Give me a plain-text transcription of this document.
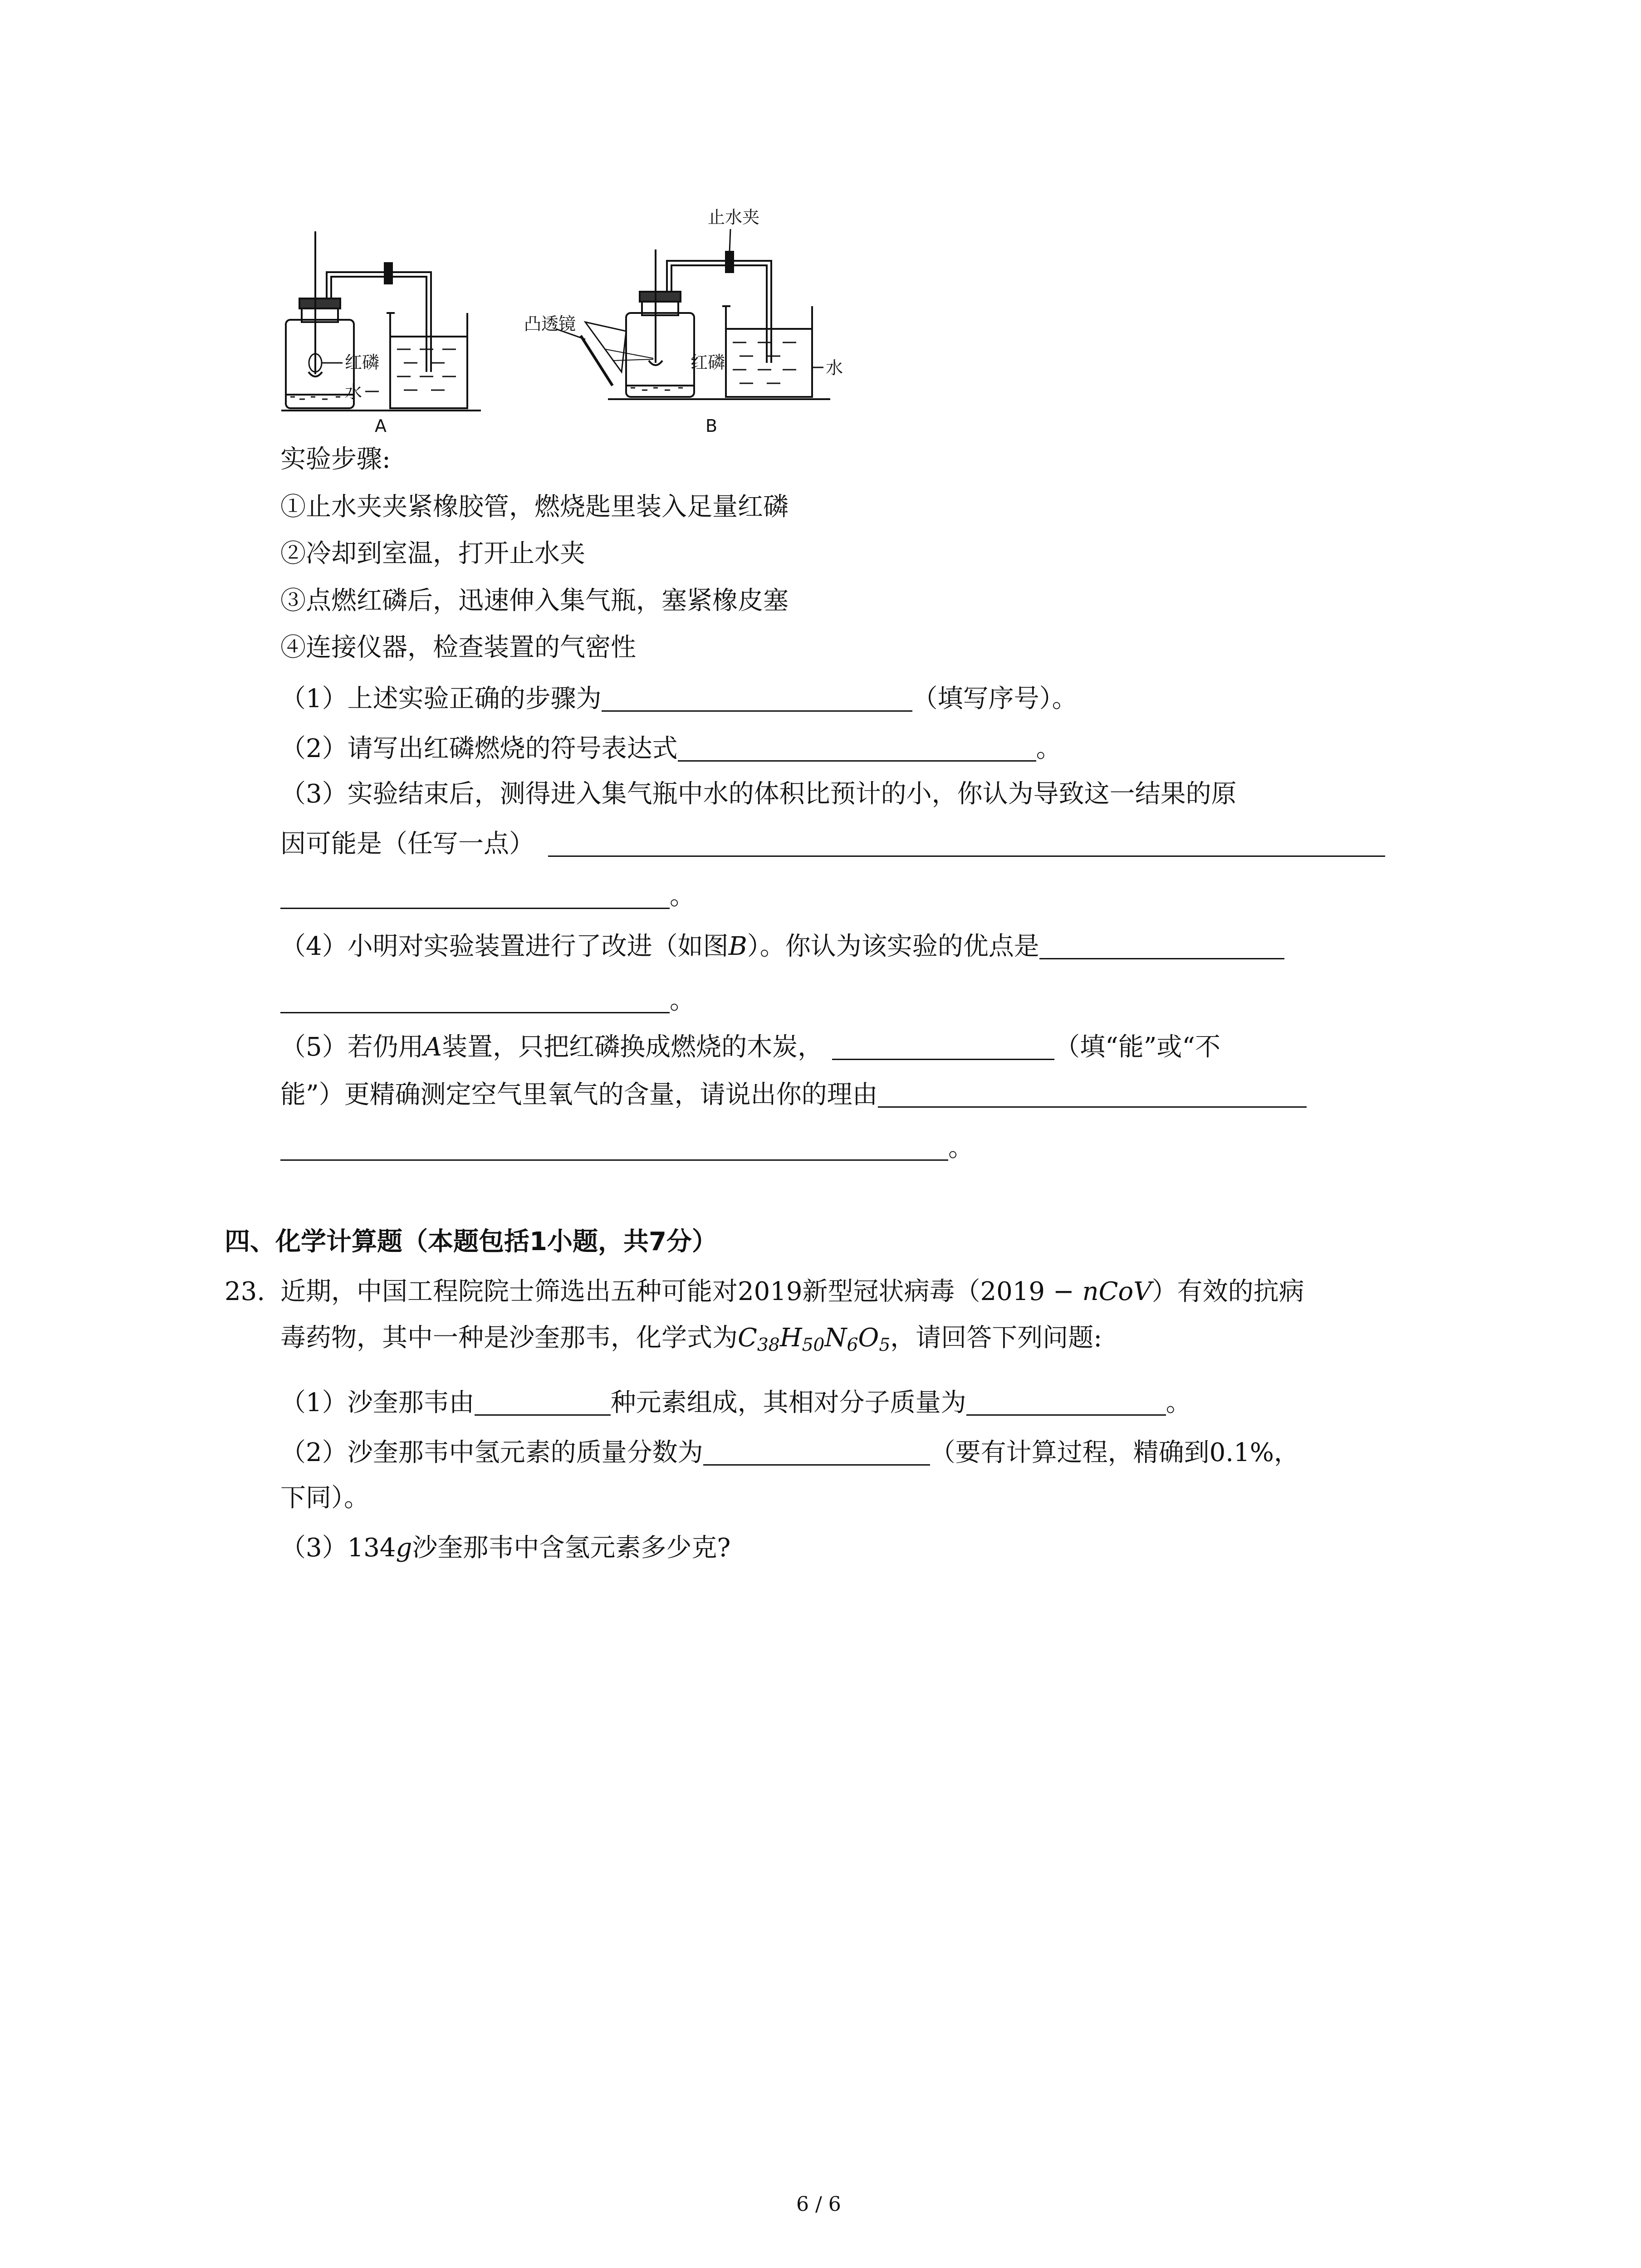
红磷
水
A
止水夹
凸透镜
红磷	水
B
实验步骤:
①止水夹夹紧橡胶管，燃烧匙里装入足量红磷
②冷却到室温，打开止水夹
③点燃红磷后，迅速伸入集气瓶，塞紧橡皮塞
④连接仪器，检查装置的气密性
（1）上述实验正确的步骤为	（填写序号）。
（2）请写出红磷燃烧的符号表达式	。
（3）实验结束后，测得进入集气瓶中水的体积比预计的小，你认为导致这一结果的原
因可能是（任写一点）
。
（4）小明对实验装置进行了改进（如图B）。你认为该实验的优点是
。
（5）若仍用A装置，只把红磷换成燃烧的木炭，	（填“能”或“不
能”）更精确测定空气里氧气的含量，请说出你的理由
。
四、化学计算题（本题包括1小题，共7分）
23. 近期，中国工程院院士筛选出五种可能对2019新型冠状病毒（2019 − nCoV）有效的抗病
毒药物，其中一种是沙奎那韦，化学式为$C_{38}H_{50}N_6O_5$，请回答下列问题:
（1）沙奎那韦由	种元素组成，其相对分子质量为	。
（2）沙奎那韦中氢元素的质量分数为	（要有计算过程，精确到0.1%，
下同）。
（3）134g沙奎那韦中含氢元素多少克?
6 / 6
